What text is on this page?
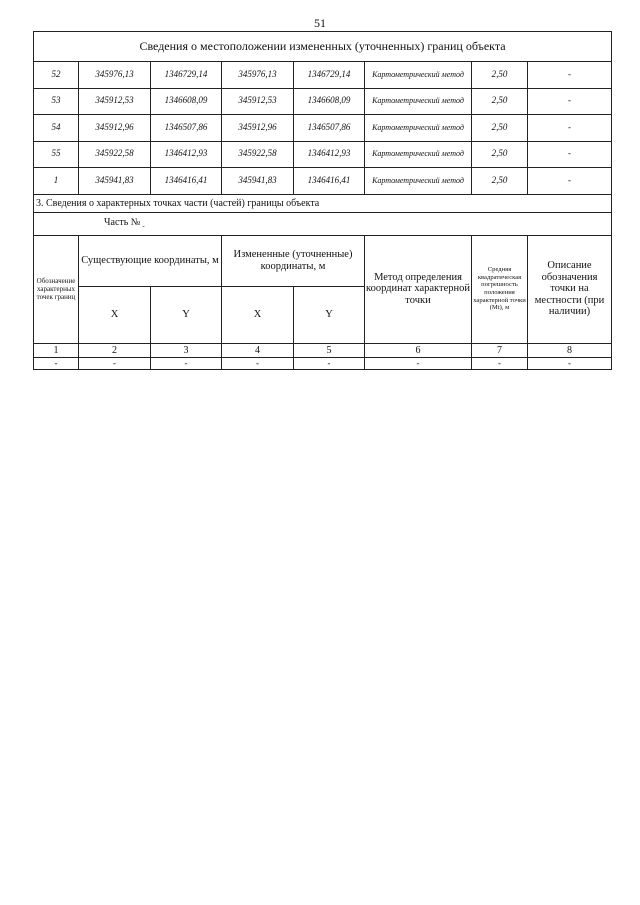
51
Сведения о местоположении измененных (уточненных) границ объекта							
52	345976,13	1346729,14	345976,13	1346729,14	Картометрический метод	2,50	-
53	345912,53	1346608,09	345912,53	1346608,09	Картометрический метод	2,50	-
54	345912,96	1346507,86	345912,96	1346507,86	Картометрический метод	2,50	-
55	345922,58	1346412,93	345922,58	1346412,93	Картометрический метод	2,50	-
1	345941,83	1346416,41	345941,83	1346416,41	Картометрический метод	2,50	-
3. Сведения о характерных точках части (частей) границы объекта							
Часть № $_-$
Обозначение характерных точек границ	Существующие координаты, м		Измененные (уточненные) координаты, м		Метод определения координат характерной точки	Средняя квадратическая погрешность положения характерной точки (Mt), м	Описание обозначения точки на местности (при наличии)
	X	Y	X	Y			
1	2	3	4	5	6	7	8
-	-	-	-	-	-	-	-
